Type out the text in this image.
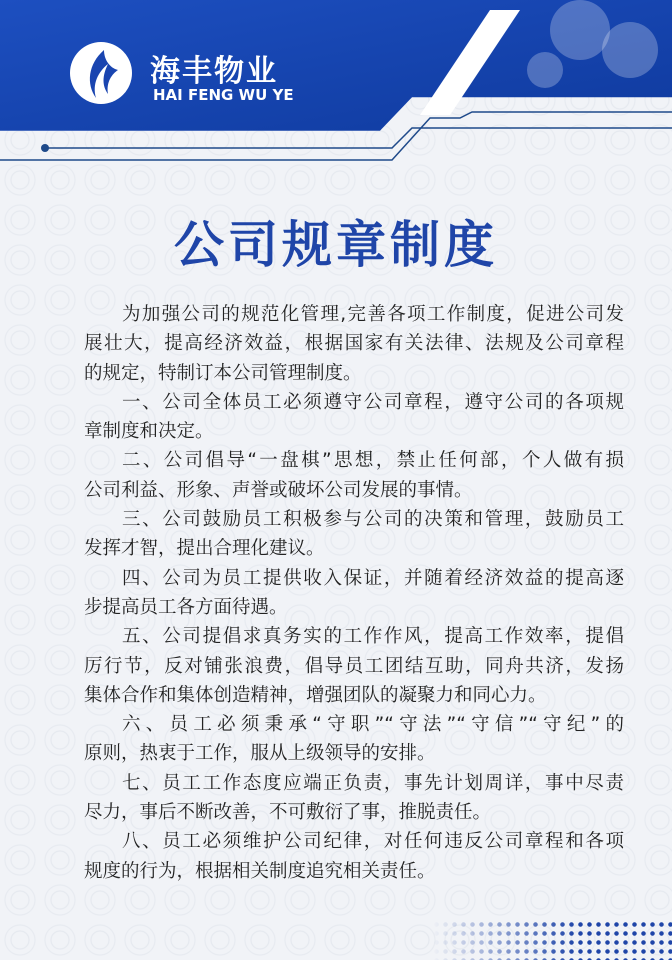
海丰物业
HAI FENG WU YE
公司规章制度
为加强公司的规范化管理,完善各项工作制度，促进公司发
展壮大，提高经济效益，根据国家有关法律、法规及公司章程
的规定，特制订本公司管理制度。
一、公司全体员工必须遵守公司章程，遵守公司的各项规
章制度和决定。
二、公司倡导“一盘棋”思想，禁止任何部，个人做有损
公司利益、形象、声誉或破坏公司发展的事情。
三、公司鼓励员工积极参与公司的决策和管理，鼓励员工
发挥才智，提出合理化建议。
四、公司为员工提供收入保证，并随着经济效益的提高逐
步提高员工各方面待遇。
五、公司提倡求真务实的工作作风，提高工作效率，提倡
厉行节，反对铺张浪费，倡导员工团结互助，同舟共济，发扬
集体合作和集体创造精神，增强团队的凝聚力和同心力。
六、员工必须秉承“守职”“守法”“守信”“守纪”的
原则，热衷于工作，服从上级领导的安排。
七、员工工作态度应端正负责，事先计划周详，事中尽责
尽力，事后不断改善，不可敷衍了事，推脱责任。
八、员工必须维护公司纪律，对任何违反公司章程和各项
规度的行为，根据相关制度追究相关责任。
